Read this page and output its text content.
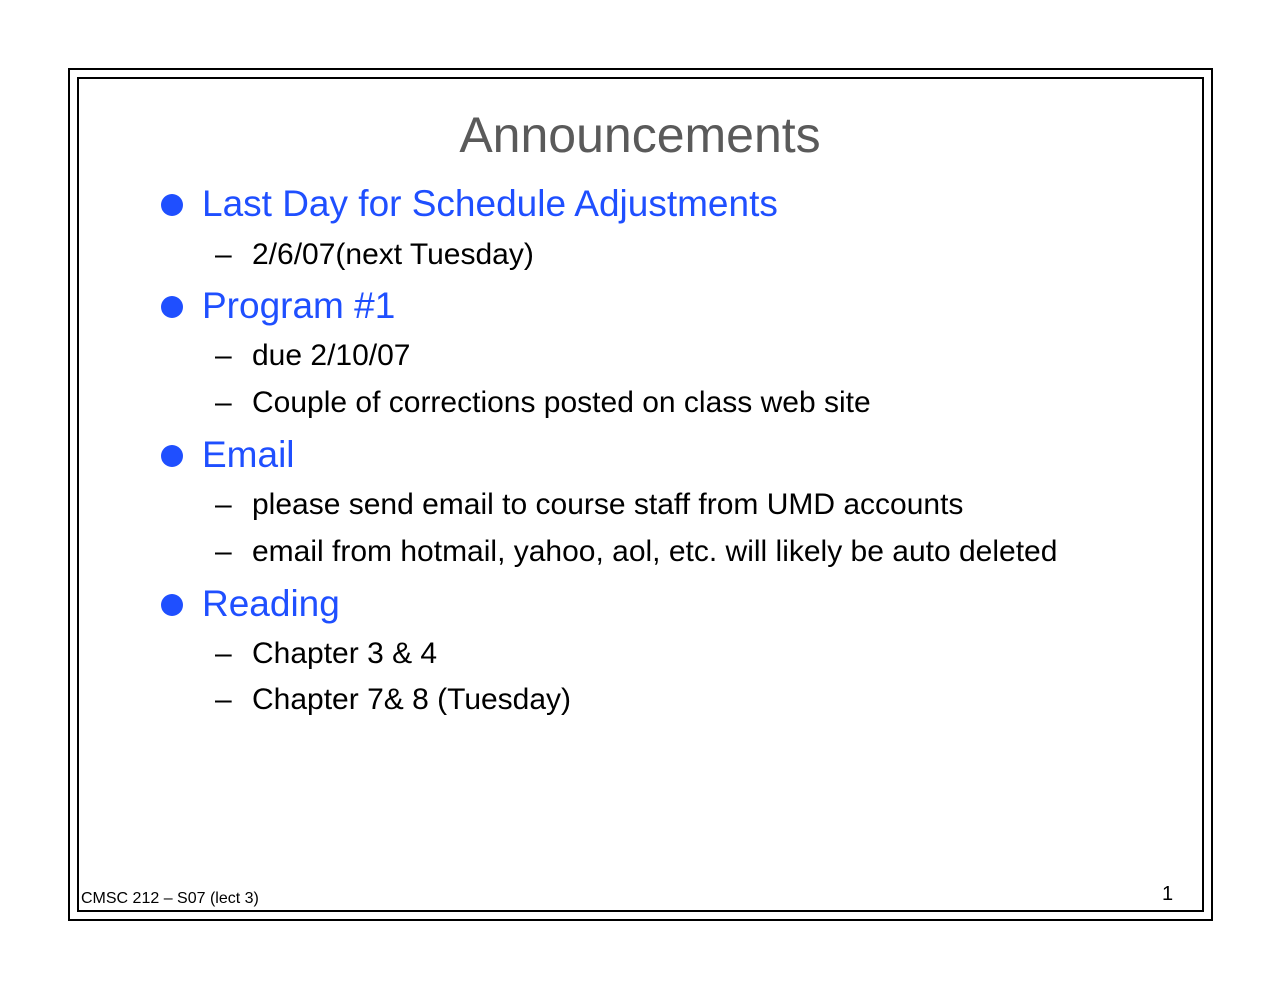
Announcements
Last Day for Schedule Adjustments
– 2/6/07(next Tuesday)
Program #1
– due 2/10/07
– Couple of corrections posted on class web site
Email
– please send email to course staff from UMD accounts
– email from hotmail, yahoo, aol, etc. will likely be auto deleted
Reading
– Chapter 3 & 4
– Chapter 7& 8 (Tuesday)
CMSC 212 – S07 (lect 3)	1
